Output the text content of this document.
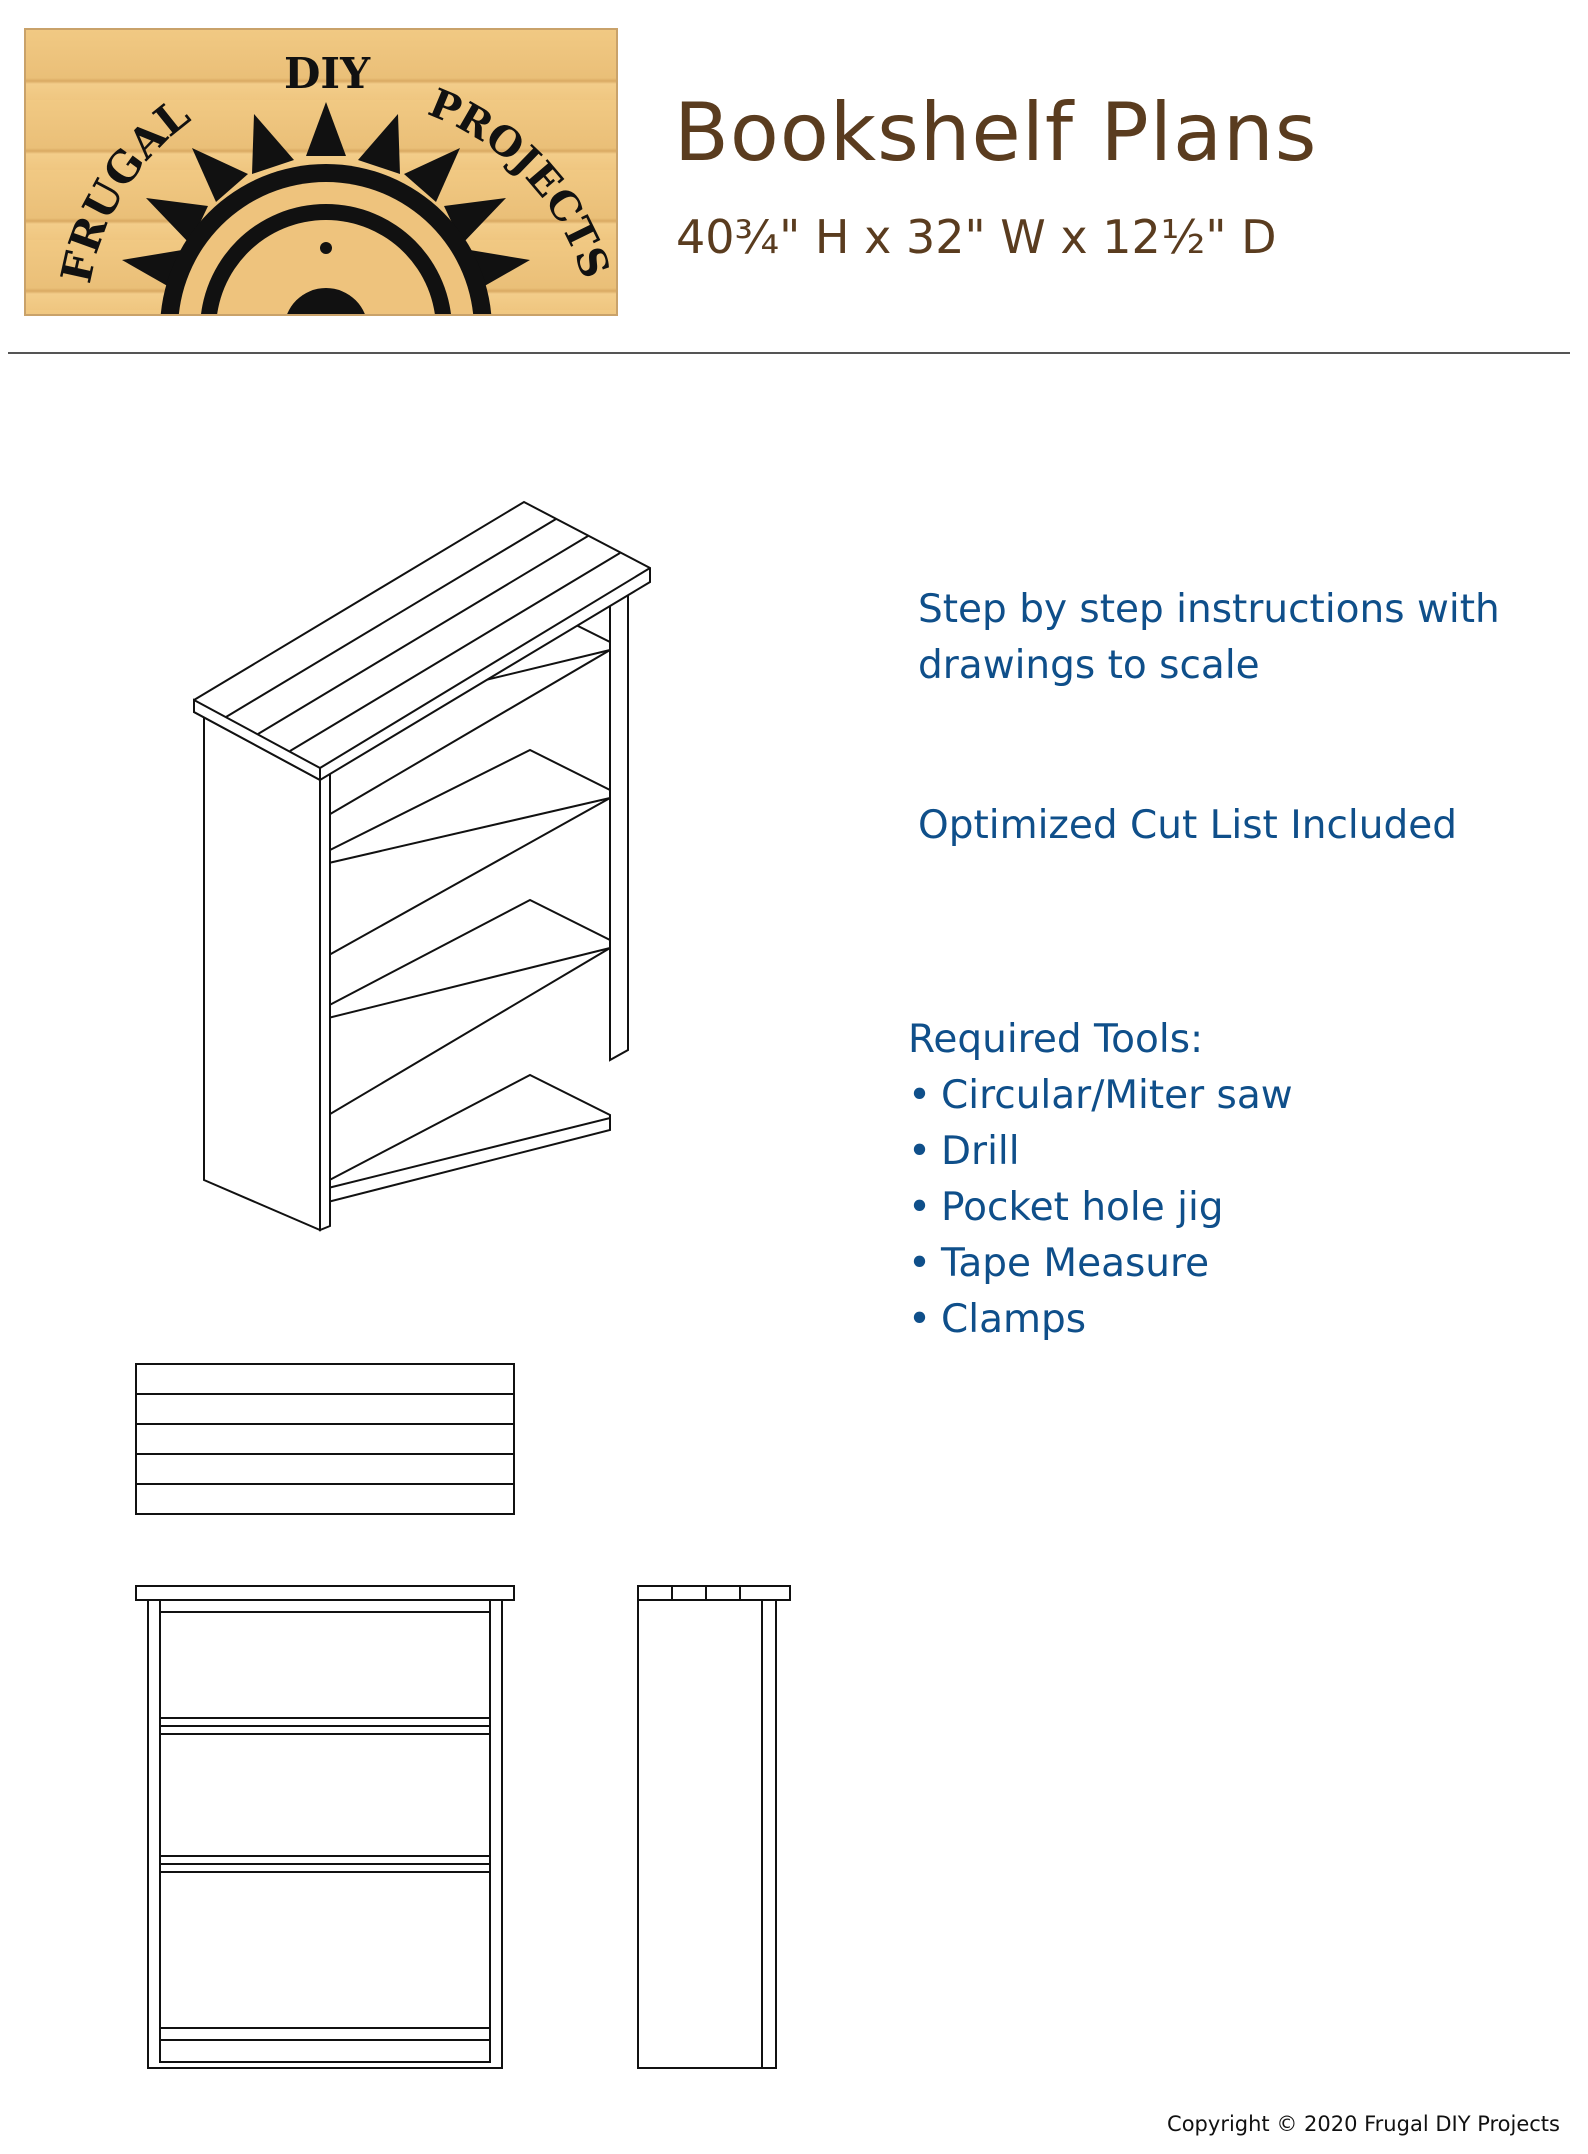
FRUGAL
DIY
PROJECTS
Bookshelf Plans
40¾" H x 32" W x 12½" D
Step by step instructions with drawings to scale
Optimized Cut List Included
Required Tools:
• Circular/Miter saw
• Drill
• Pocket hole jig
• Tape Measure
• Clamps
Copyright © 2020 Frugal DIY Projects
